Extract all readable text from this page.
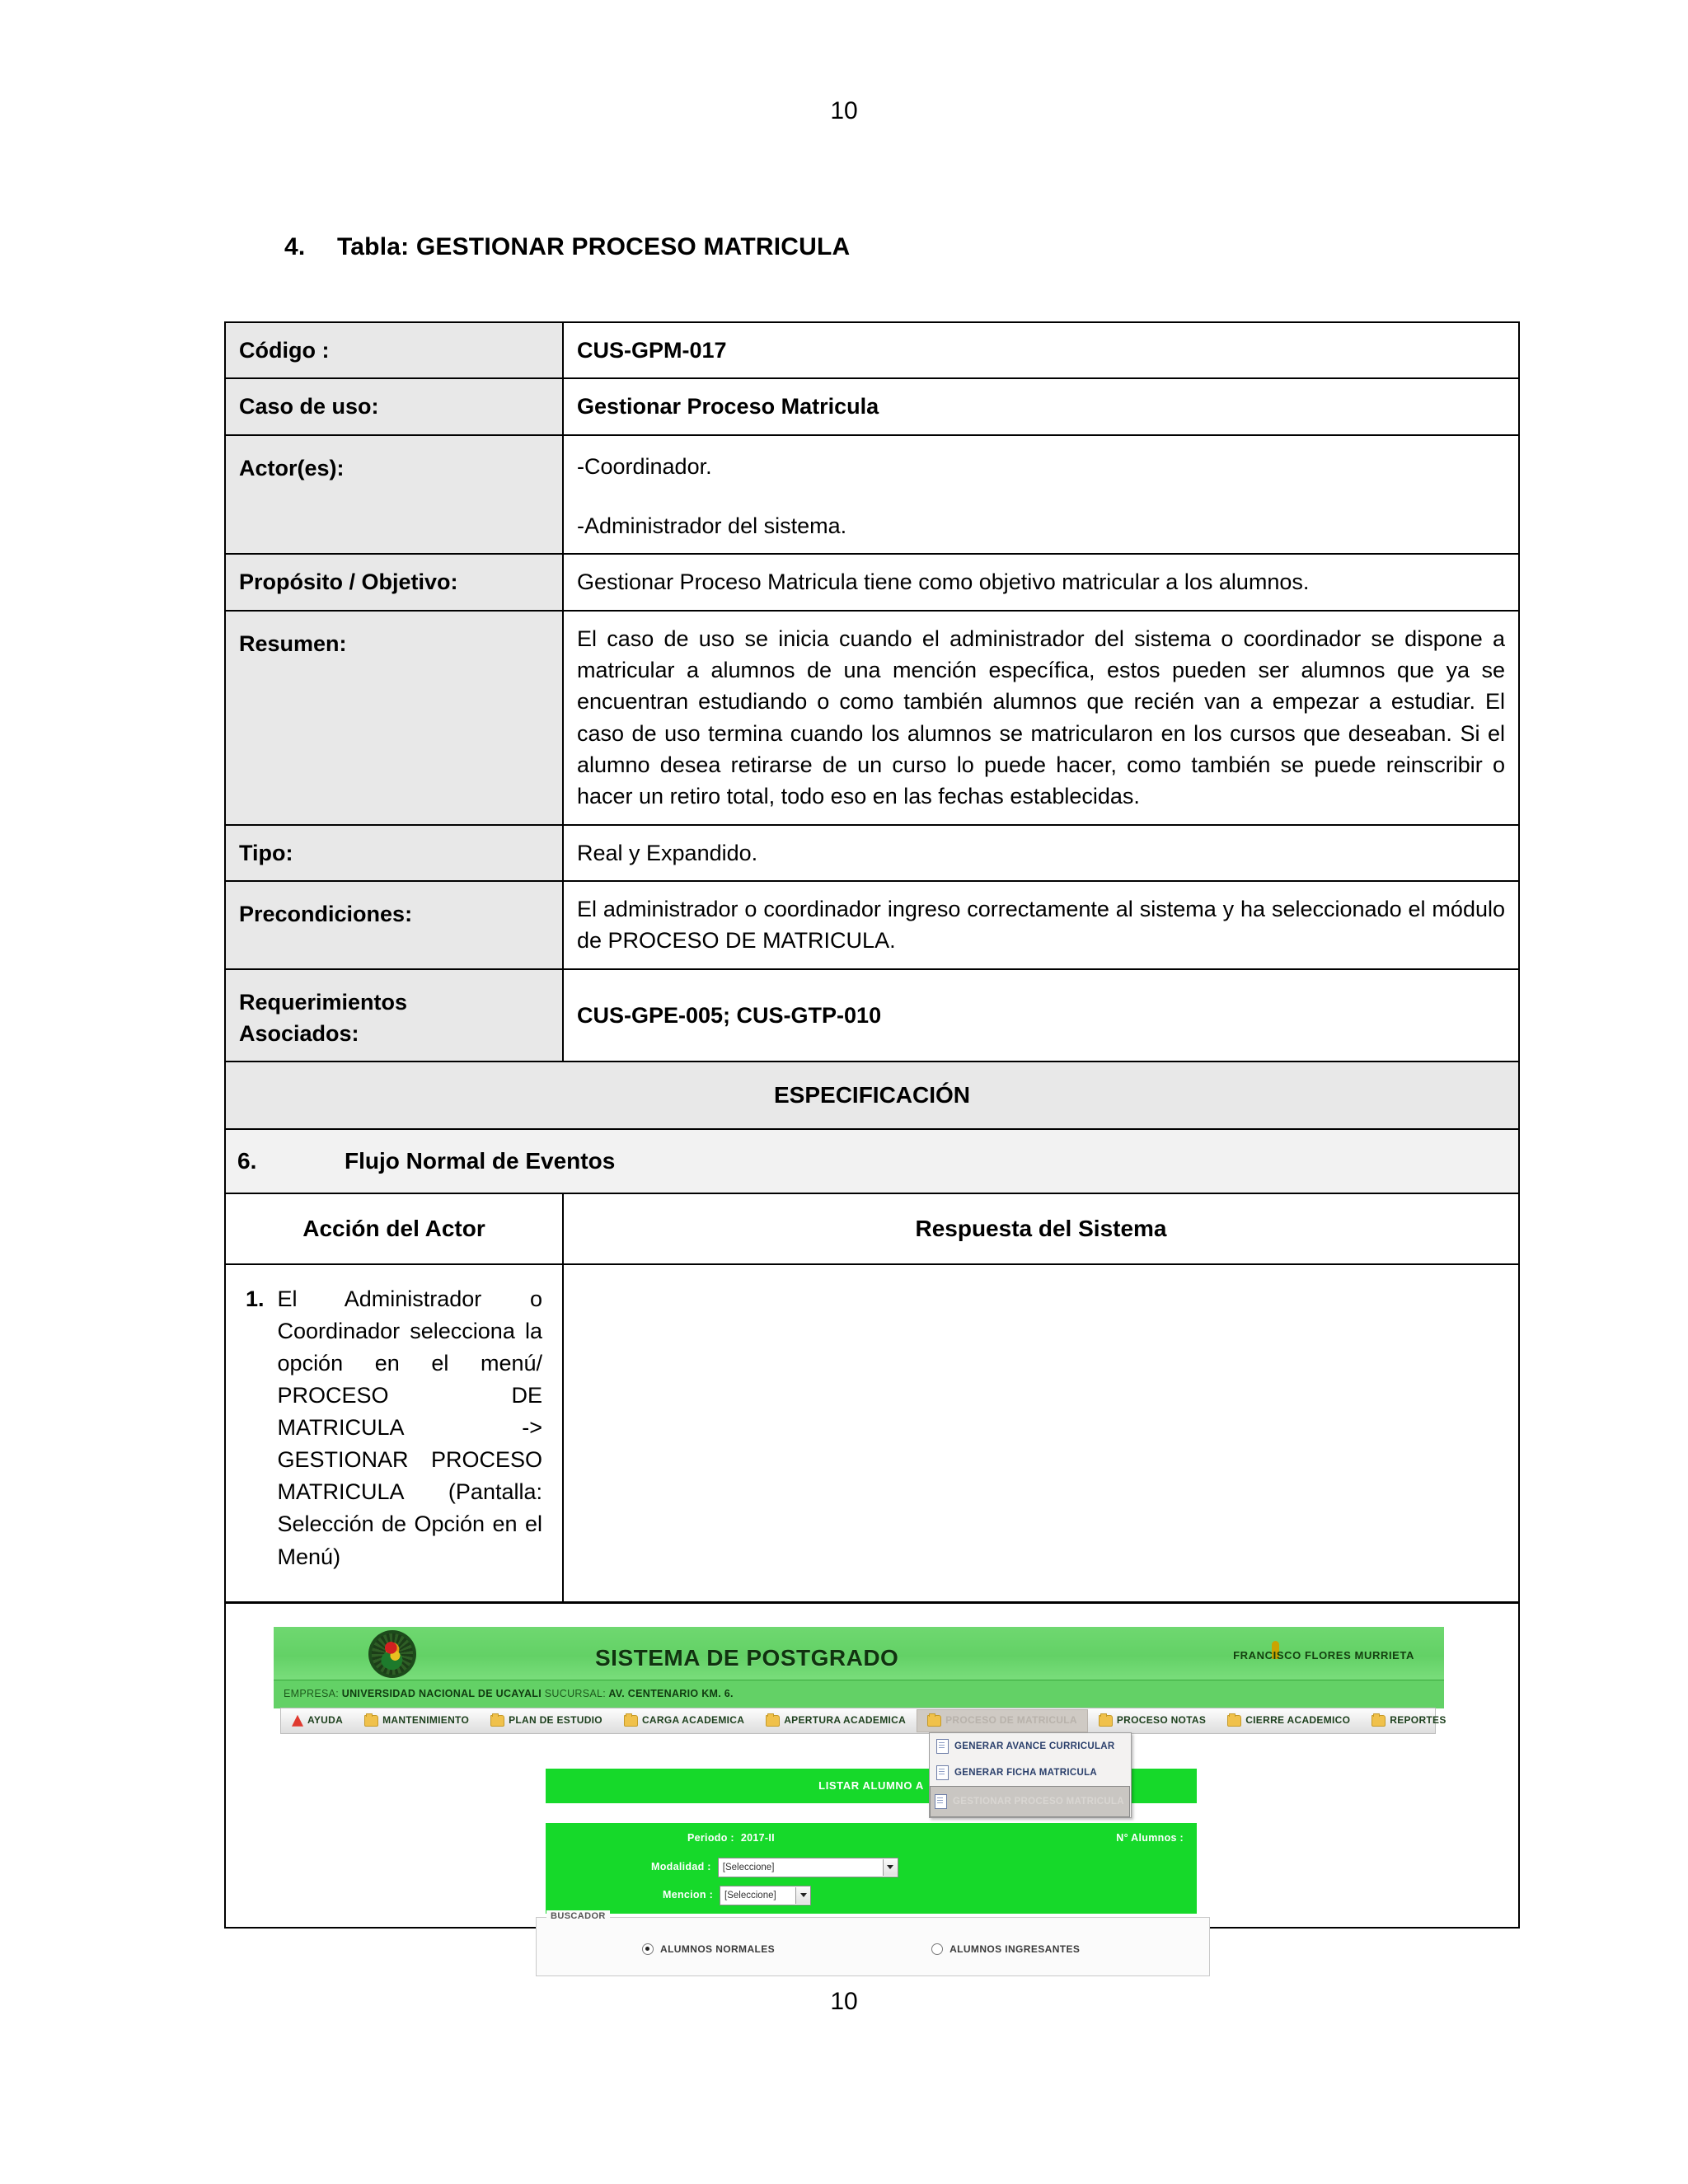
10
4. Tabla: GESTIONAR PROCESO MATRICULA
Código :	CUS-GPM-017
Caso de uso:	Gestionar Proceso Matricula
Actor(es):	-Coordinador.
-Administrador del sistema.

Propósito / Objetivo:	Gestionar Proceso Matricula tiene como objetivo matricular a los alumnos.
Resumen:	El caso de uso se inicia cuando el administrador del sistema o coordinador se dispone a matricular a alumnos de una mención específica, estos pueden ser alumnos que ya se encuentran estudiando o como también alumnos que recién van a empezar a estudiar. El caso de uso termina cuando los alumnos se matricularon en los cursos que deseaban. Si el alumno desea retirarse de un curso lo puede hacer, como también se puede reinscribir o hacer un retiro total, todo eso en las fechas establecidas.
Tipo:	Real y Expandido.
Precondiciones:	El administrador o coordinador ingreso correctamente al sistema y ha seleccionado el módulo de PROCESO DE MATRICULA.

Requerimientos
Asociados:	CUS-GPE-005; CUS-GTP-010
ESPECIFICACIÓN	
6. Flujo Normal de Eventos	
Acción del Actor	Respuesta del Sistema

1. El Administrador o Coordinador selecciona la opción en el menú/ PROCESO DE MATRICULA -> GESTIONAR PROCESO MATRICULA (Pantalla: Selección de Opción en el Menú)	

SISTEMA DE POSTGRADO	FRANCISCO FLORES MURRIETA
EMPRESA: UNIVERSIDAD NACIONAL DE UCAYALI SUCURSAL: AV. CENTENARIO KM. 6.
AYUDA	MANTENIMIENTO	PLAN DE ESTUDIO	CARGA ACADEMICA	APERTURA ACADEMICA	PROCESO DE MATRICULA	PROCESO NOTAS	CIERRE ACADEMICO	REPORTES
LISTAR ALUMNO A
GENERAR AVANCE CURRICULAR
GENERAR FICHA MATRICULA
GESTIONAR PROCESO MATRICULA
Periodo : 2017-II	N° Alumnos :
Modalidad : [Seleccione]
Mencion : [Seleccione]
BUSCADOR
ALUMNOS NORMALES	ALUMNOS INGRESANTES
10
